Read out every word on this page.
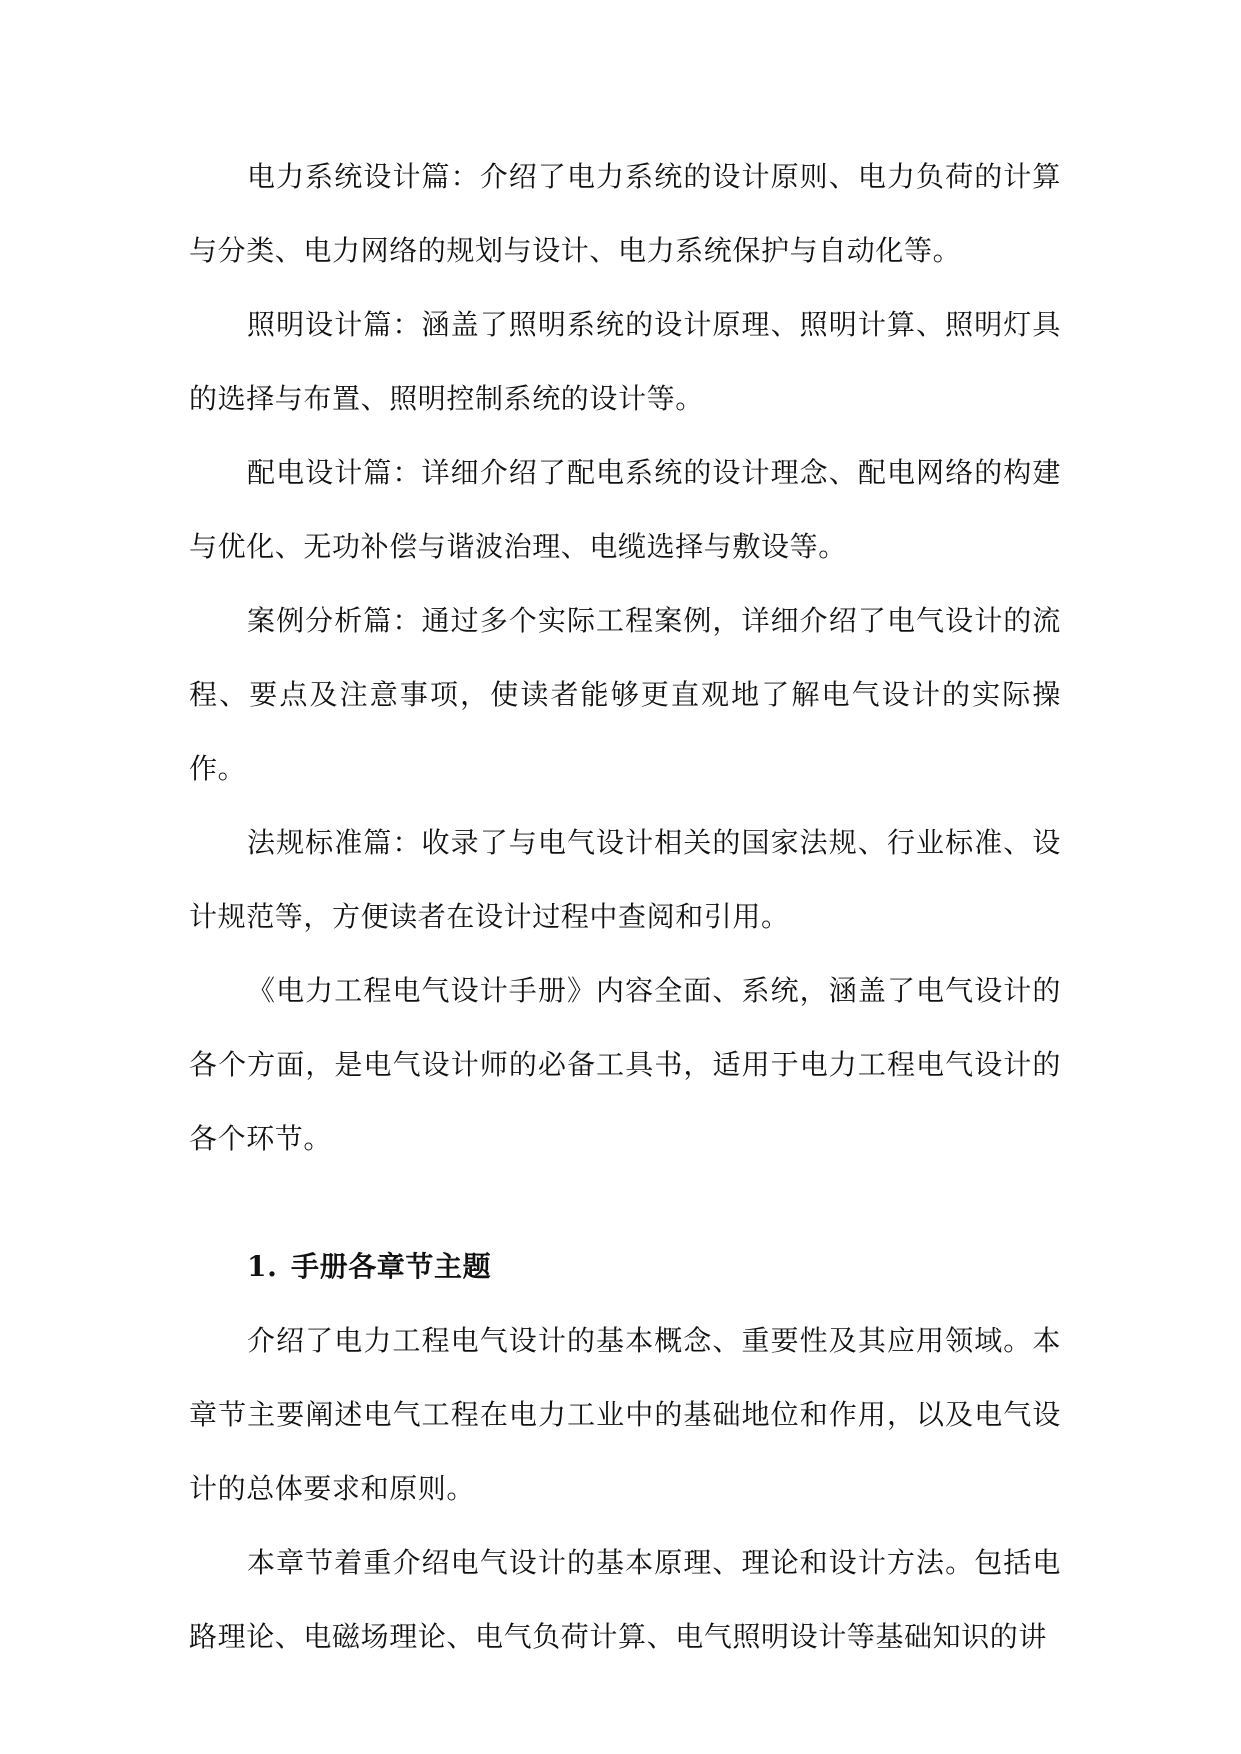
电力系统设计篇：介绍了电力系统的设计原则、电力负荷的计算与分类、电力网络的规划与设计、电力系统保护与自动化等。

照明设计篇：涵盖了照明系统的设计原理、照明计算、照明灯具的选择与布置、照明控制系统的设计等。

配电设计篇：详细介绍了配电系统的设计理念、配电网络的构建与优化、无功补偿与谐波治理、电缆选择与敷设等。

案例分析篇：通过多个实际工程案例，详细介绍了电气设计的流程、要点及注意事项，使读者能够更直观地了解电气设计的实际操作。

法规标准篇：收录了与电气设计相关的国家法规、行业标准、设计规范等，方便读者在设计过程中查阅和引用。

《电力工程电气设计手册》内容全面、系统，涵盖了电气设计的各个方面，是电气设计师的必备工具书，适用于电力工程电气设计的各个环节。

1. 手册各章节主题

介绍了电力工程电气设计的基本概念、重要性及其应用领域。本章节主要阐述电气工程在电力工业中的基础地位和作用，以及电气设计的总体要求和原则。

本章节着重介绍电气设计的基本原理、理论和设计方法。包括电路理论、电磁场理论、电气负荷计算、电气照明设计等基础知识的讲
